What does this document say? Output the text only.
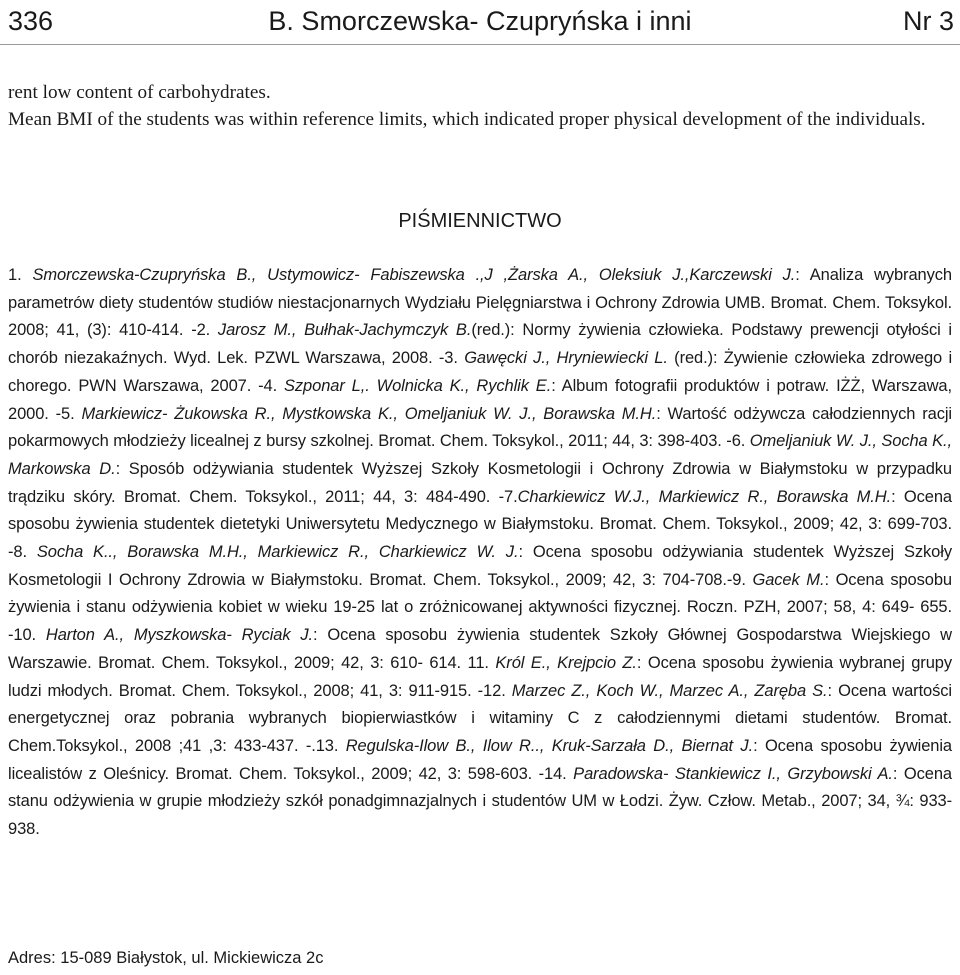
336	B. Smorczewska- Czupryńska i inni	Nr 3

rent low content of carbohydrates.

Mean BMI of the students was within reference limits, which indicated proper physical development of the individuals.

PIŚMIENNICTWO
1. Smorczewska-Czupryńska B., Ustymowicz- Fabiszewska .,J ,Żarska A., Oleksiuk J.,Karczewski J.: Analiza wybranych parametrów diety studentów studiów niestacjonarnych Wydziału Pielęgniarstwa i Ochrony Zdrowia UMB. Bromat. Chem. Toksykol. 2008; 41, (3): 410-414. -2. Jarosz M., Bułhak-Jachymczyk B.(red.): Normy żywienia człowieka. Podstawy prewencji otyłości i chorób niezakaźnych. Wyd. Lek. PZWL Warszawa, 2008. -3. Gawęcki J., Hryniewiecki L. (red.): Żywienie człowieka zdrowego i chorego. PWN Warszawa, 2007. -4. Szponar L,. Wolnicka K., Rychlik E.: Album fotografii produktów i potraw. IŻŻ, Warszawa, 2000. -5. Markiewicz- Żukowska R., Mystkowska K., Omeljaniuk W. J., Borawska M.H.: Wartość odżywcza całodziennych racji pokarmowych młodzieży licealnej z bursy szkolnej. Bromat. Chem. Toksykol., 2011; 44, 3: 398-403. -6. Omeljaniuk W. J., Socha K., Markowska D.: Sposób odżywiania studentek Wyższej Szkoły Kosmetologii i Ochrony Zdrowia w Białymstoku w przypadku trądziku skóry. Bromat. Chem. Toksykol., 2011; 44, 3: 484-490. -7.Charkiewicz W.J., Markiewicz R., Borawska M.H.: Ocena sposobu żywienia studentek dietetyki Uniwersytetu Medycznego w Białymstoku. Bromat. Chem. Toksykol., 2009; 42, 3: 699-703. -8. Socha K.., Borawska M.H., Markiewicz R., Charkiewicz W. J.: Ocena sposobu odżywiania studentek Wyższej Szkoły Kosmetologii I Ochrony Zdrowia w Białymstoku. Bromat. Chem. Toksykol., 2009; 42, 3: 704-708.-9. Gacek M.: Ocena sposobu żywienia i stanu odżywienia kobiet w wieku 19-25 lat o zróżnicowanej aktywności fizycznej. Roczn. PZH, 2007; 58, 4: 649- 655. -10. Harton A., Myszkowska- Ryciak J.: Ocena sposobu żywienia studentek Szkoły Głównej Gospodarstwa Wiejskiego w Warszawie. Bromat. Chem. Toksykol., 2009; 42, 3: 610- 614. 11. Król E., Krejpcio Z.: Ocena sposobu żywienia wybranej grupy ludzi młodych. Bromat. Chem. Toksykol., 2008; 41, 3: 911-915. -12. Marzec Z., Koch W., Marzec A., Zaręba S.: Ocena wartości energetycznej oraz pobrania wybranych biopierwiastków i witaminy C z całodziennymi dietami studentów. Bromat. Chem.Toksykol., 2008 ;41 ,3: 433-437. -.13. Regulska-Ilow B., Ilow R.., Kruk-Sarzała D., Biernat J.: Ocena sposobu żywienia licealistów z Oleśnicy. Bromat. Chem. Toksykol., 2009; 42, 3: 598-603. -14. Paradowska- Stankiewicz I., Grzybowski A.: Ocena stanu odżywienia w grupie młodzieży szkół ponadgimnazjalnych i studentów UM w Łodzi. Żyw. Człow. Metab., 2007; 34, ¾: 933-938.
Adres: 15-089 Białystok, ul. Mickiewicza 2c
